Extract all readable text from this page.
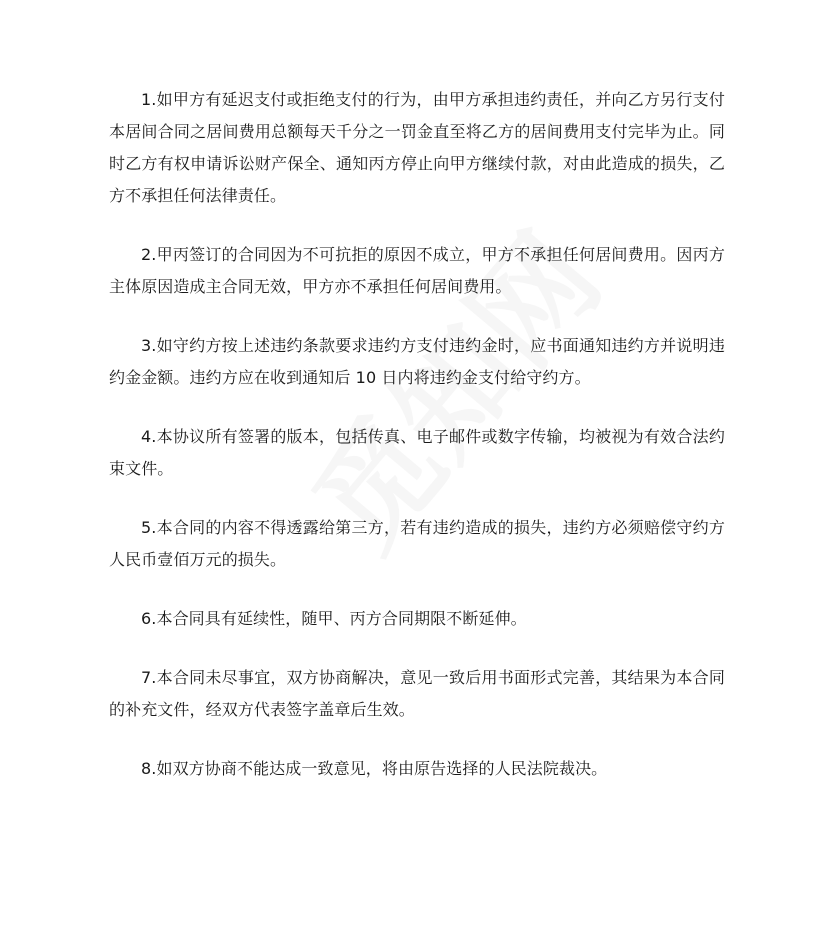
1.如甲方有延迟支付或拒绝支付的行为，由甲方承担违约责任，并向乙方另行支付本居间合同之居间费用总额每天千分之一罚金直至将乙方的居间费用支付完毕为止。同时乙方有权申请诉讼财产保全、通知丙方停止向甲方继续付款，对由此造成的损失，乙方不承担任何法律责任。

2.甲丙签订的合同因为不可抗拒的原因不成立，甲方不承担任何居间费用。因丙方主体原因造成主合同无效，甲方亦不承担任何居间费用。

3.如守约方按上述违约条款要求违约方支付违约金时，应书面通知违约方并说明违约金金额。违约方应在收到通知后 10 日内将违约金支付给守约方。

4.本协议所有签署的版本，包括传真、电子邮件或数字传输，均被视为有效合法约束文件。

5.本合同的内容不得透露给第三方，若有违约造成的损失，违约方必须赔偿守约方人民币壹佰万元的损失。

6.本合同具有延续性，随甲、丙方合同期限不断延伸。

7.本合同未尽事宜，双方协商解决，意见一致后用书面形式完善，其结果为本合同的补充文件，经双方代表签字盖章后生效。

8.如双方协商不能达成一致意见，将由原告选择的人民法院裁决。
